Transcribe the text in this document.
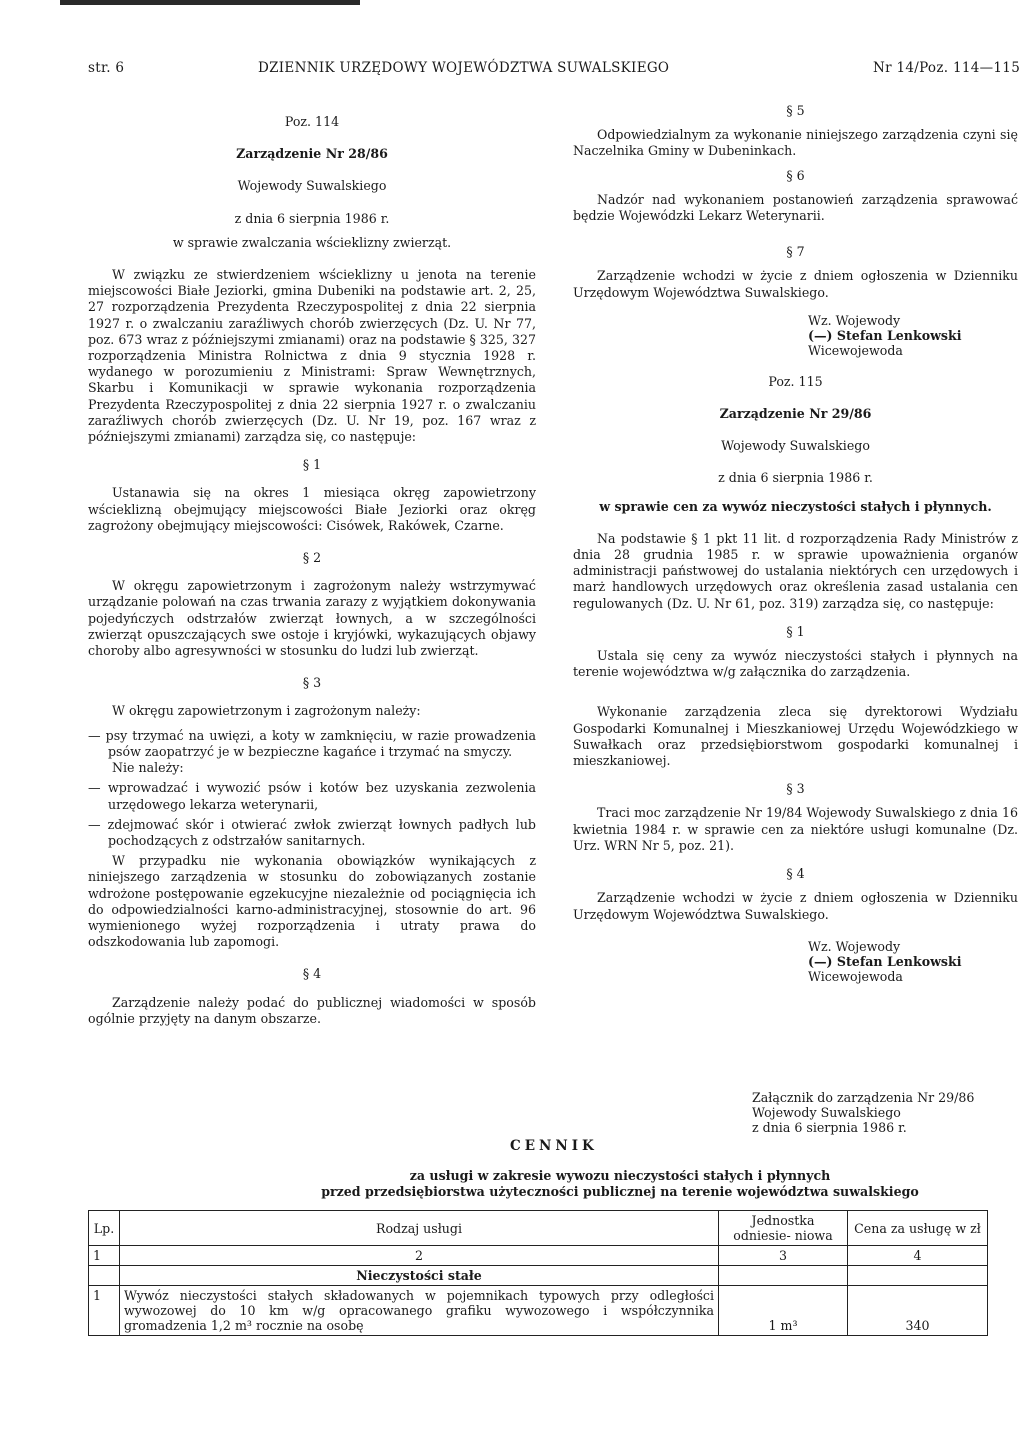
str. 6	DZIENNIK URZĘDOWY WOJEWÓDZTWA SUWALSKIEGO	Nr 14/Poz. 114—115

Poz. 114

Zarządzenie Nr 28/86

Wojewody Suwalskiego

z dnia 6 sierpnia 1986 r.

w sprawie zwalczania wścieklizny zwierząt.

W związku ze stwierdzeniem wścieklizny u jenota na terenie miejscowości Białe Jeziorki, gmina Dubeniki na podstawie art. 2, 25, 27 rozporządzenia Prezydenta Rzeczypospolitej z dnia 22 sierpnia 1927 r. o zwalczaniu zaraźliwych chorób zwierzęcych (Dz. U. Nr 77, poz. 673 wraz z późniejszymi zmianami) oraz na podstawie § 325, 327 rozporządzenia Ministra Rolnictwa z dnia 9 stycznia 1928 r. wydanego w porozumieniu z Ministrami: Spraw Wewnętrznych, Skarbu i Komunikacji w sprawie wykonania rozporządzenia Prezydenta Rzeczypospolitej z dnia 22 sierpnia 1927 r. o zwalczaniu zaraźliwych chorób zwierzęcych (Dz. U. Nr 19, poz. 167 wraz z późniejszymi zmianami) zarządza się, co następuje:

§ 1

Ustanawia się na okres 1 miesiąca okręg zapowietrzony wścieklizną obejmujący miejscowości Białe Jeziorki oraz okręg zagrożony obejmujący miejscowości: Cisówek, Rakówek, Czarne.

§ 2

W okręgu zapowietrzonym i zagrożonym należy wstrzymywać urządzanie polowań na czas trwania zarazy z wyjątkiem dokonywania pojedyńczych odstrzałów zwierząt łownych, a w szczególności zwierząt opuszczających swe ostoje i kryjówki, wykazujących objawy choroby albo agresywności w stosunku do ludzi lub zwierząt.

§ 3

W okręgu zapowietrzonym i zagrożonym należy:

— psy trzymać na uwięzi, a koty w zamknięciu, w razie prowadzenia psów zaopatrzyć je w bezpieczne kagańce i trzymać na smyczy.

Nie należy:

— wprowadzać i wywozić psów i kotów bez uzyskania zezwolenia urzędowego lekarza weterynarii,

— zdejmować skór i otwierać zwłok zwierząt łownych padłych lub pochodzących z odstrzałów sanitarnych.

W przypadku nie wykonania obowiązków wynikających z niniejszego zarządzenia w stosunku do zobowiązanych zostanie wdrożone postępowanie egzekucyjne niezależnie od pociągnięcia ich do odpowiedzialności karno-administracyjnej, stosownie do art. 96 wymienionego wyżej rozporządzenia i utraty prawa do odszkodowania lub zapomogi.

§ 4

Zarządzenie należy podać do publicznej wiadomości w sposób ogólnie przyjęty na danym obszarze.

§ 5

Odpowiedzialnym za wykonanie niniejszego zarządzenia czyni się Naczelnika Gminy w Dubeninkach.

§ 6

Nadzór nad wykonaniem postanowień zarządzenia sprawować będzie Wojewódzki Lekarz Weterynarii.

§ 7

Zarządzenie wchodzi w życie z dniem ogłoszenia w Dzienniku Urzędowym Województwa Suwalskiego.

Wz. Wojewody
(—) Stefan Lenkowski
Wicewojewoda

Poz. 115

Zarządzenie Nr 29/86

Wojewody Suwalskiego

z dnia 6 sierpnia 1986 r.

w sprawie cen za wywóz nieczystości stałych i płynnych.

Na podstawie § 1 pkt 11 lit. d rozporządzenia Rady Ministrów z dnia 28 grudnia 1985 r. w sprawie upoważnienia organów administracji państwowej do ustalania niektórych cen urzędowych i marż handlowych urzędowych oraz określenia zasad ustalania cen regulowanych (Dz. U. Nr 61, poz. 319) zarządza się, co następuje:

§ 1

Ustala się ceny za wywóz nieczystości stałych i płynnych na terenie województwa w/g załącznika do zarządzenia.

Wykonanie zarządzenia zleca się dyrektorowi Wydziału Gospodarki Komunalnej i Mieszkaniowej Urzędu Wojewódzkiego w Suwałkach oraz przedsiębiorstwom gospodarki komunalnej i mieszkaniowej.

§ 3

Traci moc zarządzenie Nr 19/84 Wojewody Suwalskiego z dnia 16 kwietnia 1984 r. w sprawie cen za niektóre usługi komunalne (Dz. Urz. WRN Nr 5, poz. 21).

§ 4

Zarządzenie wchodzi w życie z dniem ogłoszenia w Dzienniku Urzędowym Województwa Suwalskiego.

Wz. Wojewody
(—) Stefan Lenkowski
Wicewojewoda
Załącznik do zarządzenia Nr 29/86
Wojewody Suwalskiego
z dnia 6 sierpnia 1986 r.
CENNIK
za usługi w zakresie wywozu nieczystości stałych i płynnych
przed przedsiębiorstwa użyteczności publicznej na terenie województwa suwalskiego
Lp.	Rodzaj usługi	Jednostka odniesie- niowa	Cena za usługę w zł
1	2	3	4
	Nieczystości stałe		
1	Wywóz nieczystości stałych składowanych w pojemnikach typowych przy odległości wywozowej do 10 km w/g opracowanego grafiku wywozowego i współczynnika gromadzenia 1,2 m³ rocznie na osobę	1 m³	340
